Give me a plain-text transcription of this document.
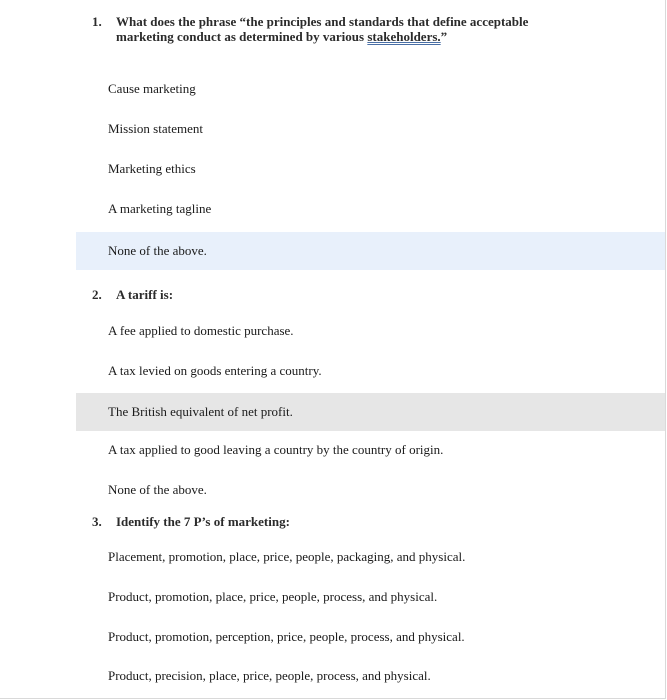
1.	What does the phrase “the principles and standards that define acceptable marketing conduct as determined by various stakeholders.”
Cause marketing
Mission statement
Marketing ethics
A marketing tagline
None of the above.
2.	A tariff is:
A fee applied to domestic purchase.
A tax levied on goods entering a country.
The British equivalent of net profit.
A tax applied to good leaving a country by the country of origin.
None of the above.
3.	Identify the 7 P’s of marketing:
Placement, promotion, place, price, people, packaging, and physical.
Product, promotion, place, price, people, process, and physical.
Product, promotion, perception, price, people, process, and physical.
Product, precision, place, price, people, process, and physical.
